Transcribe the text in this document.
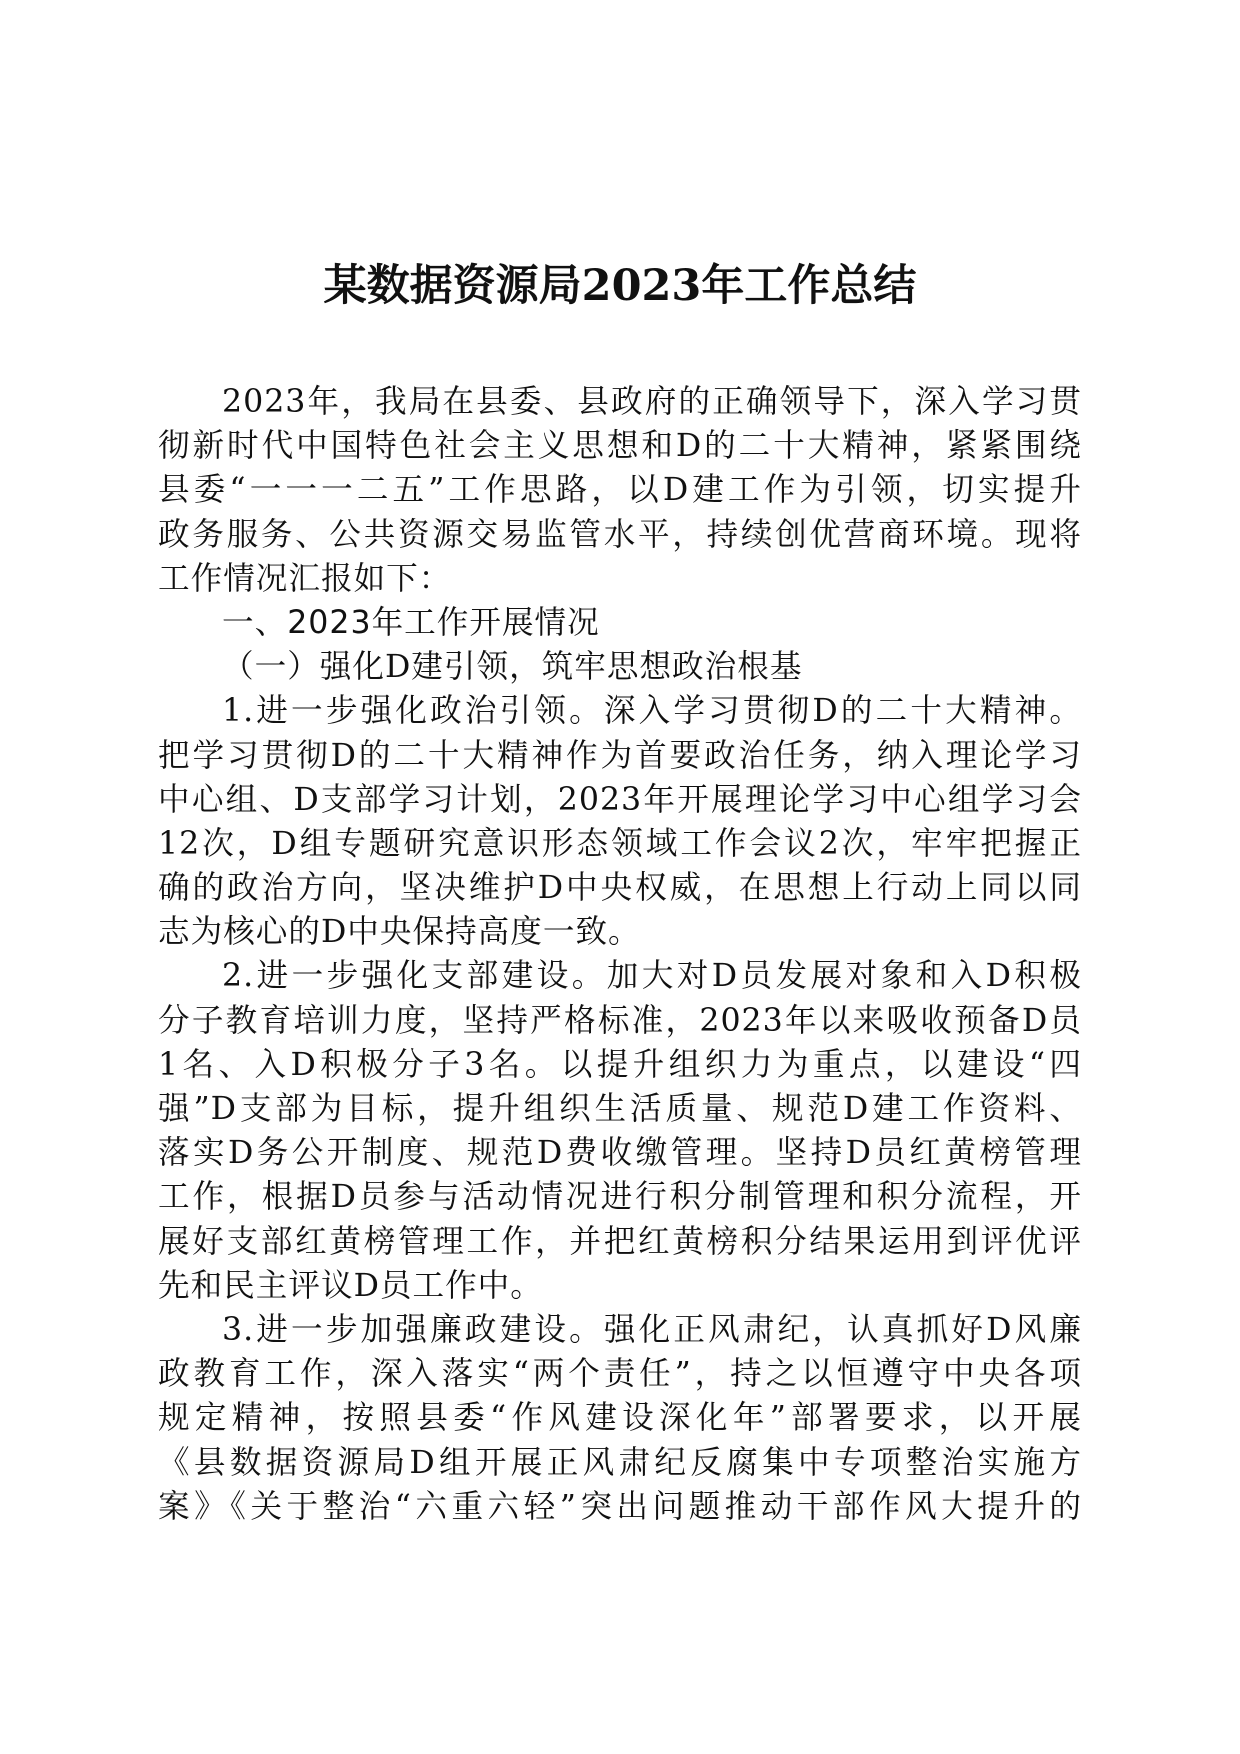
某数据资源局2023年工作总结
2023年，我局在县委、县政府的正确领导下，深入学习贯
彻新时代中国特色社会主义思想和D的二十大精神，紧紧围绕
县委“一一一二五”工作思路，以D建工作为引领，切实提升
政务服务、公共资源交易监管水平，持续创优营商环境。现将
工作情况汇报如下：
一、2023年工作开展情况
（一）强化D建引领，筑牢思想政治根基
1.进一步强化政治引领。深入学习贯彻D的二十大精神。
把学习贯彻D的二十大精神作为首要政治任务，纳入理论学习
中心组、D支部学习计划，2023年开展理论学习中心组学习会
12次，D组专题研究意识形态领域工作会议2次，牢牢把握正
确的政治方向，坚决维护D中央权威，在思想上行动上同以同
志为核心的D中央保持高度一致。
2.进一步强化支部建设。加大对D员发展对象和入D积极
分子教育培训力度，坚持严格标准，2023年以来吸收预备D员
1名、入D积极分子3名。以提升组织力为重点，以建设“四
强”D支部为目标，提升组织生活质量、规范D建工作资料、
落实D务公开制度、规范D费收缴管理。坚持D员红黄榜管理
工作，根据D员参与活动情况进行积分制管理和积分流程，开
展好支部红黄榜管理工作，并把红黄榜积分结果运用到评优评
先和民主评议D员工作中。
3.进一步加强廉政建设。强化正风肃纪，认真抓好D风廉
政教育工作，深入落实“两个责任”，持之以恒遵守中央各项
规定精神，按照县委“作风建设深化年”部署要求，以开展
《县数据资源局D组开展正风肃纪反腐集中专项整治实施方
案》《关于整治“六重六轻”突出问题推动干部作风大提升的
